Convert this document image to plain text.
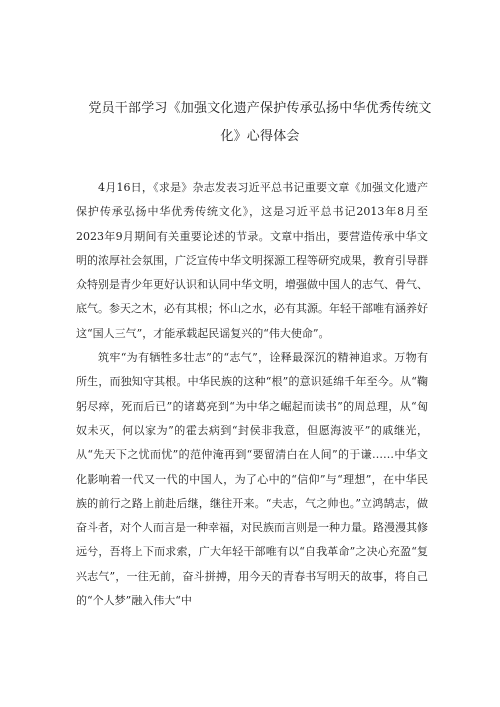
党员干部学习《加强文化遗产保护传承弘扬中华优秀传统文化》心得体会

4月16日，《求是》杂志发表习近平总书记重要文章《加强文化遗产保护传承弘扬中华优秀传统文化》，这是习近平总书记2013年8月至2023年9月期间有关重要论述的节录。文章中指出，要营造传承中华文明的浓厚社会氛围，广泛宣传中华文明探源工程等研究成果，教育引导群众特别是青少年更好认识和认同中华文明，增强做中国人的志气、骨气、底气。参天之木，必有其根；怀山之水，必有其源。年轻干部唯有涵养好这“国人三气”，才能承载起民谣复兴的“伟大使命”。

筑牢“为有牺牲多壮志”的“志气”，诠释最深沉的精神追求。万物有所生，而独知守其根。中华民族的这种“根”的意识延绵千年至今。从“鞠躬尽瘁，死而后已”的诸葛亮到“为中华之崛起而读书”的周总理，从“匈奴未灭，何以家为”的霍去病到“封侯非我意，但愿海波平”的戚继光，从“先天下之忧而忧”的范仲淹再到“要留清白在人间”的于谦……中华文化影响着一代又一代的中国人，为了心中的“信仰”与“理想”，在中华民族的前行之路上前赴后继，继往开来。“夫志，气之帅也。”立鸿鹄志，做奋斗者，对个人而言是一种幸福，对民族而言则是一种力量。路漫漫其修远兮，吾将上下而求索，广大年轻干部唯有以“自我革命”之决心充盈“复兴志气”，一往无前，奋斗拼搏，用今天的青春书写明天的故事，将自己的“个人梦”融入伟大“中
